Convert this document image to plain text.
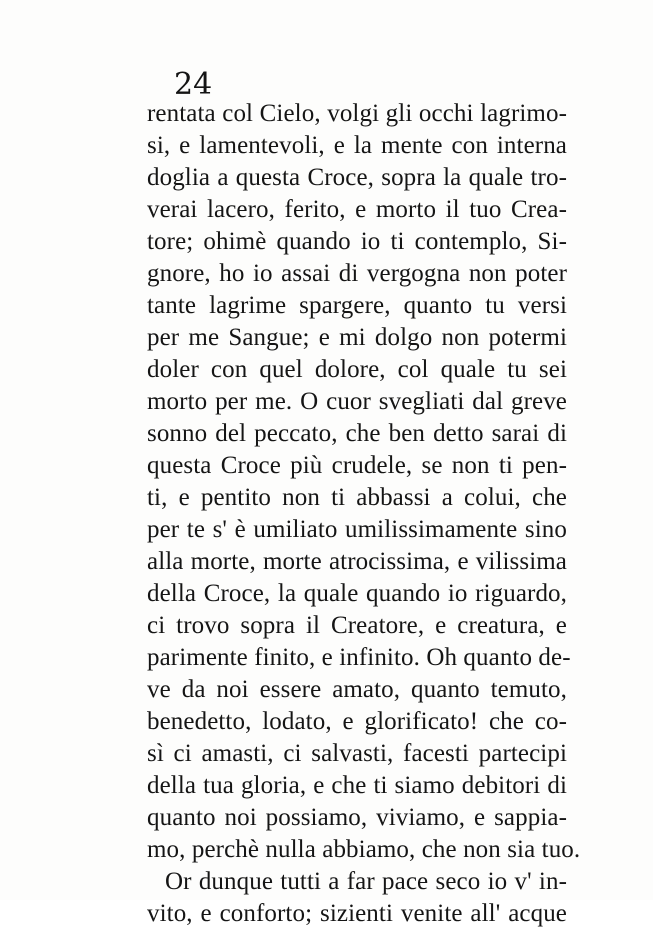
24
rentata col Cielo, volgi gli occhi lagrimo-
si, e lamentevoli, e la mente con interna
doglia a questa Croce, sopra la quale tro-
verai lacero, ferito, e morto il tuo Crea-
tore; ohimè quando io ti contemplo, Si-
gnore, ho io assai di vergogna non poter
tante lagrime spargere, quanto tu versi
per me Sangue; e mi dolgo non potermi
doler con quel dolore, col quale tu sei
morto per me. O cuor svegliati dal greve
sonno del peccato, che ben detto sarai di
questa Croce più crudele, se non ti pen-
ti, e pentito non ti abbassi a colui, che
per te s' è umiliato umilissimamente sino
alla morte, morte atrocissima, e vilissima
della Croce, la quale quando io riguardo,
ci trovo sopra il Creatore, e creatura, e
parimente finito, e infinito. Oh quanto de-
ve da noi essere amato, quanto temuto,
benedetto, lodato, e glorificato! che co-
sì ci amasti, ci salvasti, facesti partecipi
della tua gloria, e che ti siamo debitori di
quanto noi possiamo, viviamo, e sappia-
mo, perchè nulla abbiamo, che non sia tuo.
Or dunque tutti a far pace seco io v' in-
vito, e conforto; sizienti venite all' acque
